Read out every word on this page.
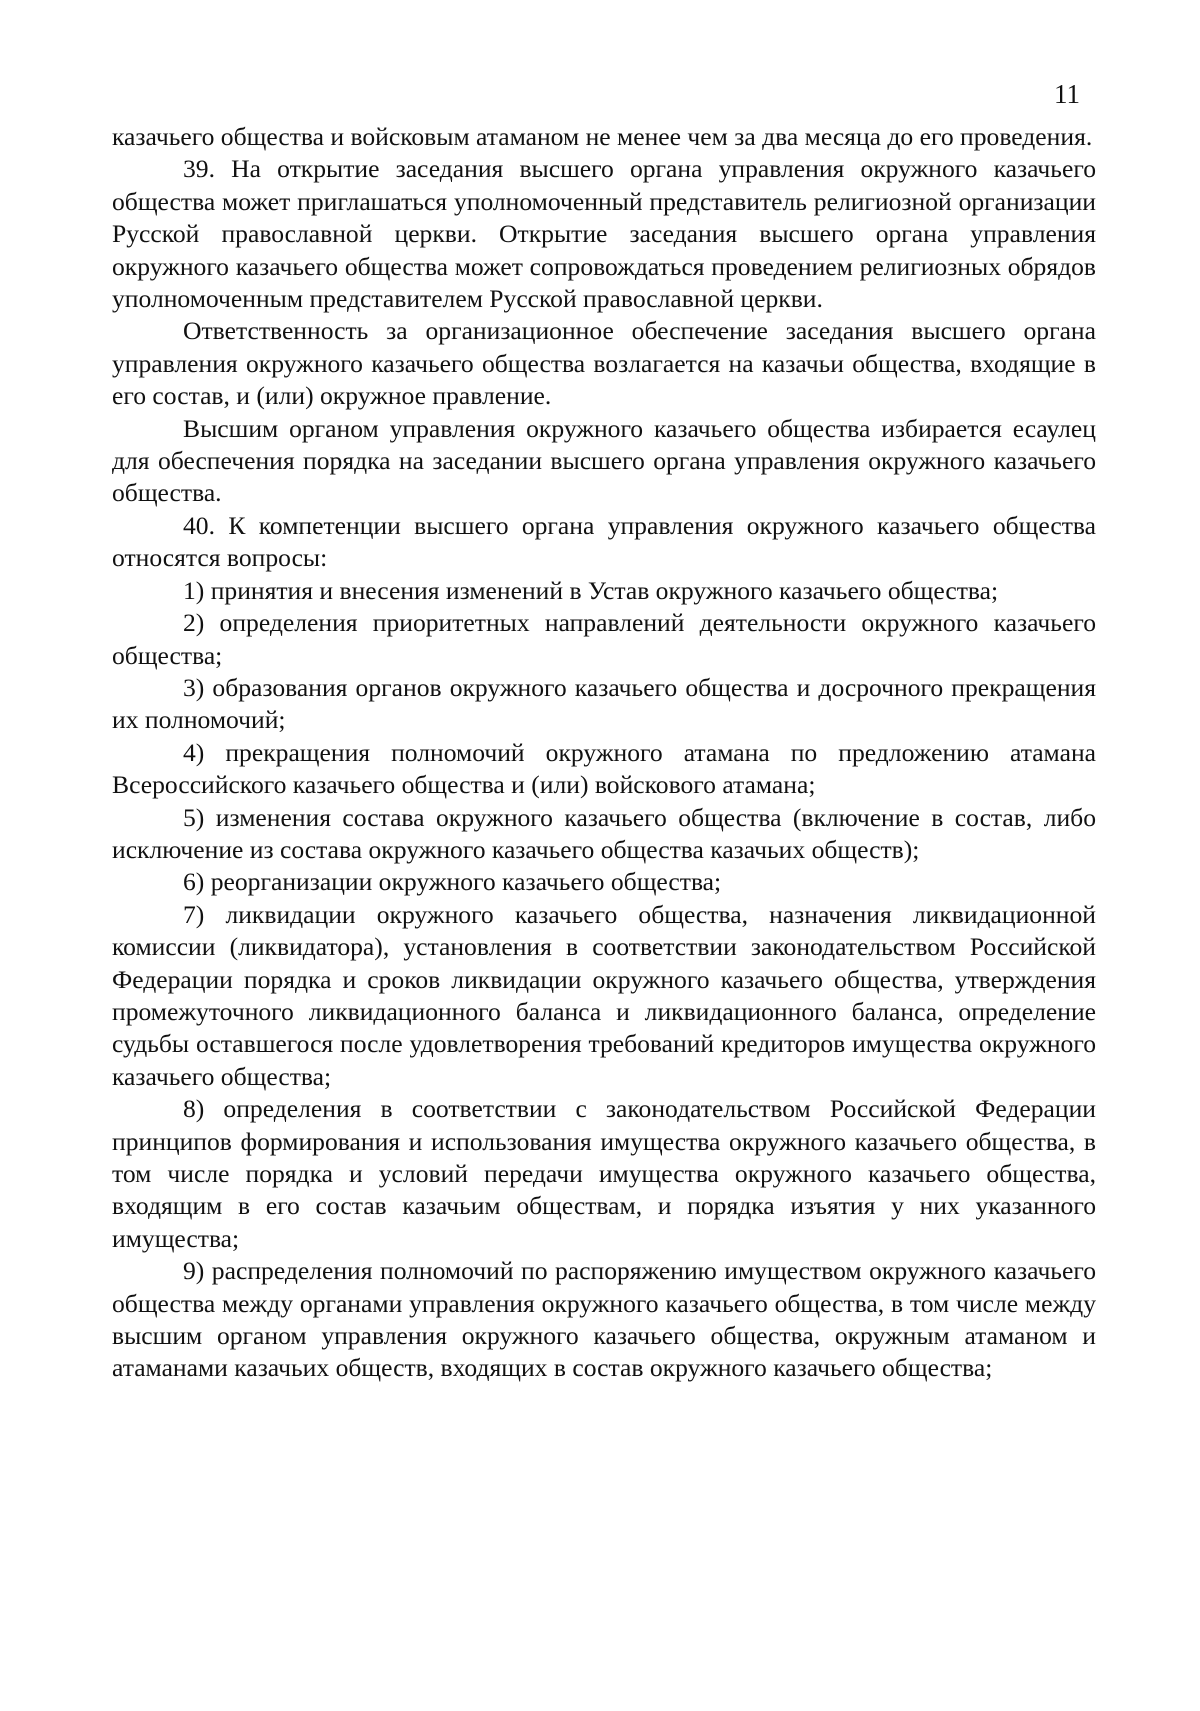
11

казачьего общества и войсковым атаманом не менее чем за два месяца до его проведения.

39. На открытие заседания высшего органа управления окружного казачьего общества может приглашаться уполномоченный представитель религиозной организации Русской православной церкви. Открытие заседания высшего органа управления окружного казачьего общества может сопровождаться проведением религиозных обрядов уполномоченным представителем Русской православной церкви.

Ответственность за организационное обеспечение заседания высшего органа управления окружного казачьего общества возлагается на казачьи общества, входящие в его состав, и (или) окружное правление.

Высшим органом управления окружного казачьего общества избирается есаулец для обеспечения порядка на заседании высшего органа управления окружного казачьего общества.

40. К компетенции высшего органа управления окружного казачьего общества относятся вопросы:

1) принятия и внесения изменений в Устав окружного казачьего общества;

2) определения приоритетных направлений деятельности окружного казачьего общества;

3) образования органов окружного казачьего общества и досрочного прекращения их полномочий;

4) прекращения полномочий окружного атамана по предложению атамана Всероссийского казачьего общества и (или) войскового атамана;

5) изменения состава окружного казачьего общества (включение в состав, либо исключение из состава окружного казачьего общества казачьих обществ);

6) реорганизации окружного казачьего общества;

7) ликвидации окружного казачьего общества, назначения ликвидационной комиссии (ликвидатора), установления в соответствии законодательством Российской Федерации порядка и сроков ликвидации окружного казачьего общества, утверждения промежуточного ликвидационного баланса и ликвидационного баланса, определение судьбы оставшегося после удовлетворения требований кредиторов имущества окружного казачьего общества;

8) определения в соответствии с законодательством Российской Федерации принципов формирования и использования имущества окружного казачьего общества, в том числе порядка и условий передачи имущества окружного казачьего общества, входящим в его состав казачьим обществам, и порядка изъятия у них указанного имущества;

9) распределения полномочий по распоряжению имуществом окружного казачьего общества между органами управления окружного казачьего общества, в том числе между высшим органом управления окружного казачьего общества, окружным атаманом и атаманами казачьих обществ, входящих в состав окружного казачьего общества;
